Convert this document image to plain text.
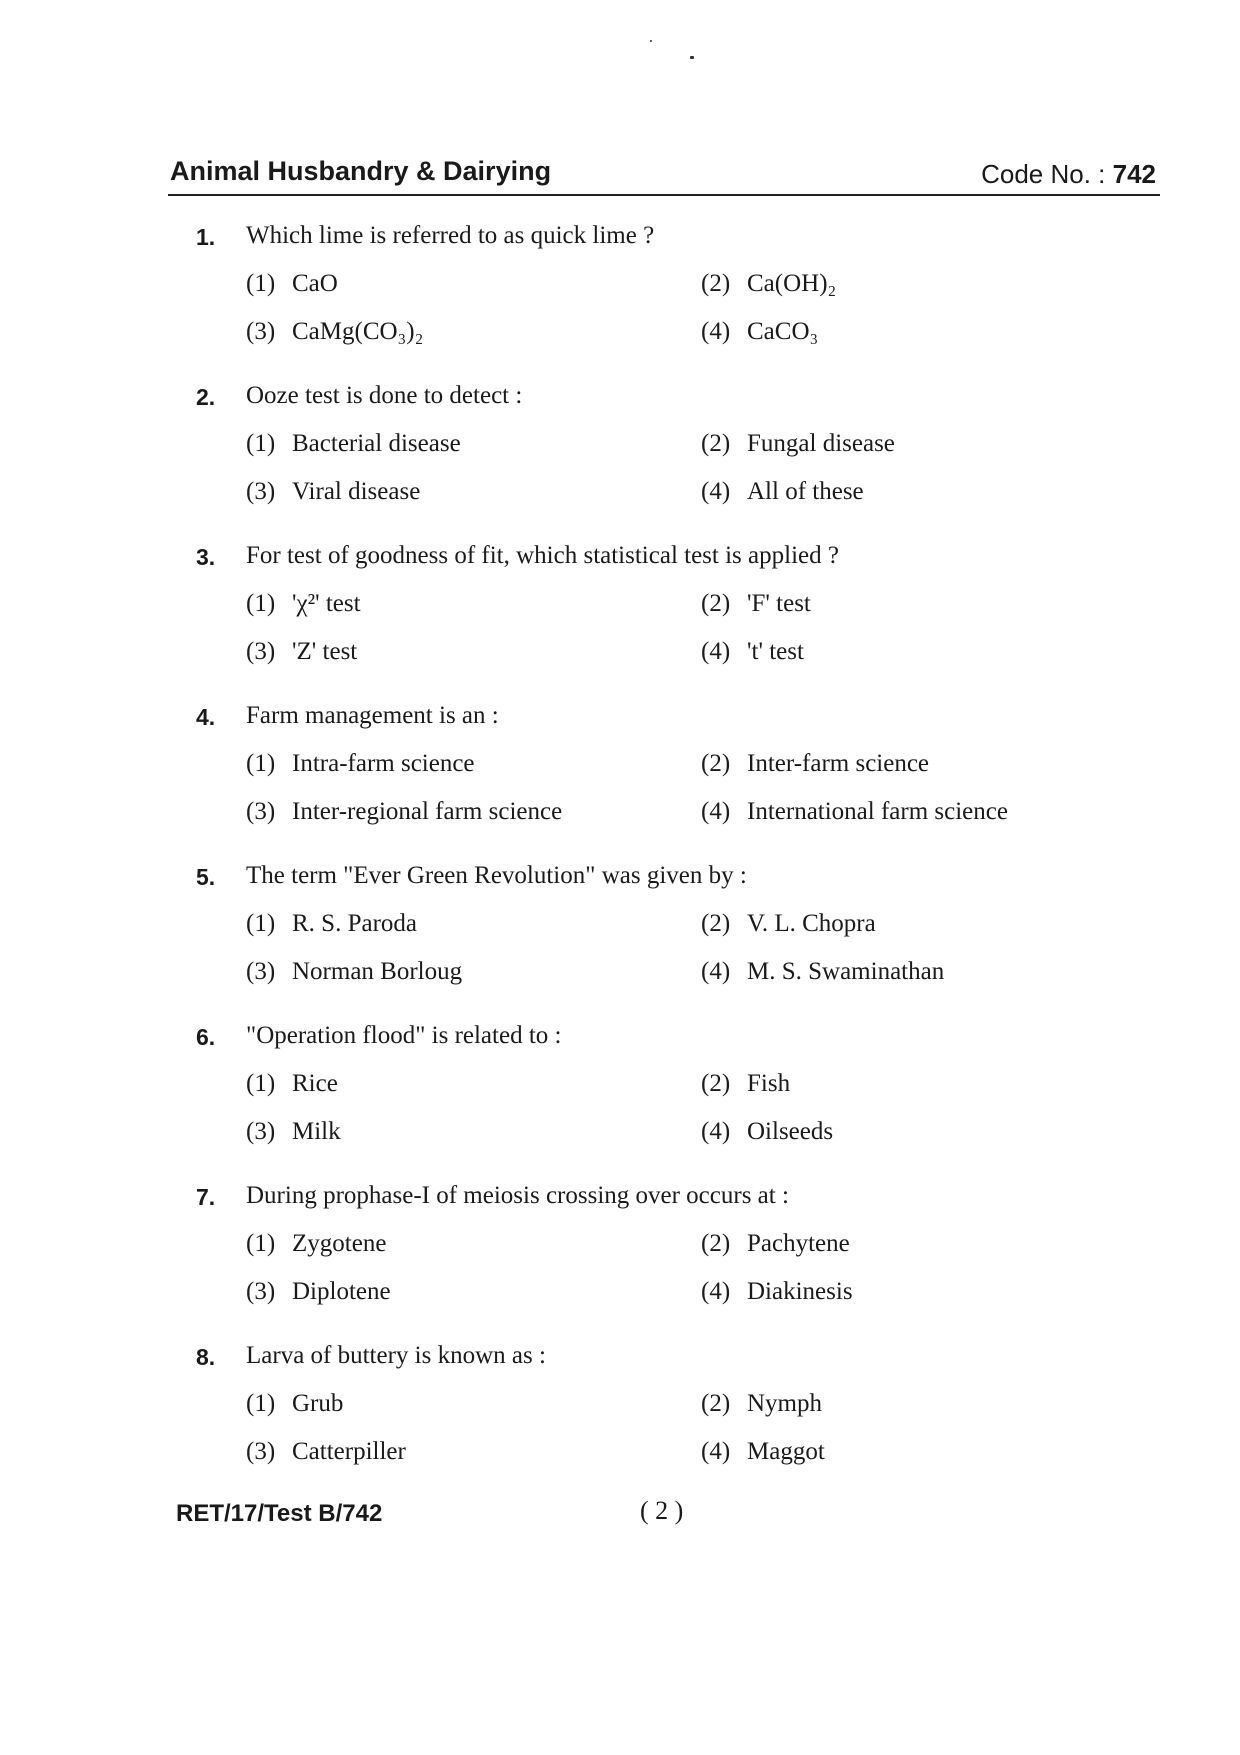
Animal Husbandry & Dairying	Code No. : 742
1.	Which lime is referred to as quick lime ?
(1) CaO	(2) Ca(OH)₂
(3) CaMg(CO₃)₂	(4) CaCO₃
2.	Ooze test is done to detect :
(1) Bacterial disease	(2) Fungal disease
(3) Viral disease	(4) All of these
3.	For test of goodness of fit, which statistical test is applied ?
(1) 'χ²' test	(2) 'F' test
(3) 'Z' test	(4) 't' test
4.	Farm management is an :
(1) Intra-farm science	(2) Inter-farm science
(3) Inter-regional farm science	(4) International farm science
5.	The term "Ever Green Revolution" was given by :
(1) R. S. Paroda	(2) V. L. Chopra
(3) Norman Borloug	(4) M. S. Swaminathan
6.	"Operation flood" is related to :
(1) Rice	(2) Fish
(3) Milk	(4) Oilseeds
7.	During prophase-I of meiosis crossing over occurs at :
(1) Zygotene	(2) Pachytene
(3) Diplotene	(4) Diakinesis
8.	Larva of buttery is known as :
(1) Grub	(2) Nymph
(3) Catterpiller	(4) Maggot
RET/17/Test B/742	( 2 )
